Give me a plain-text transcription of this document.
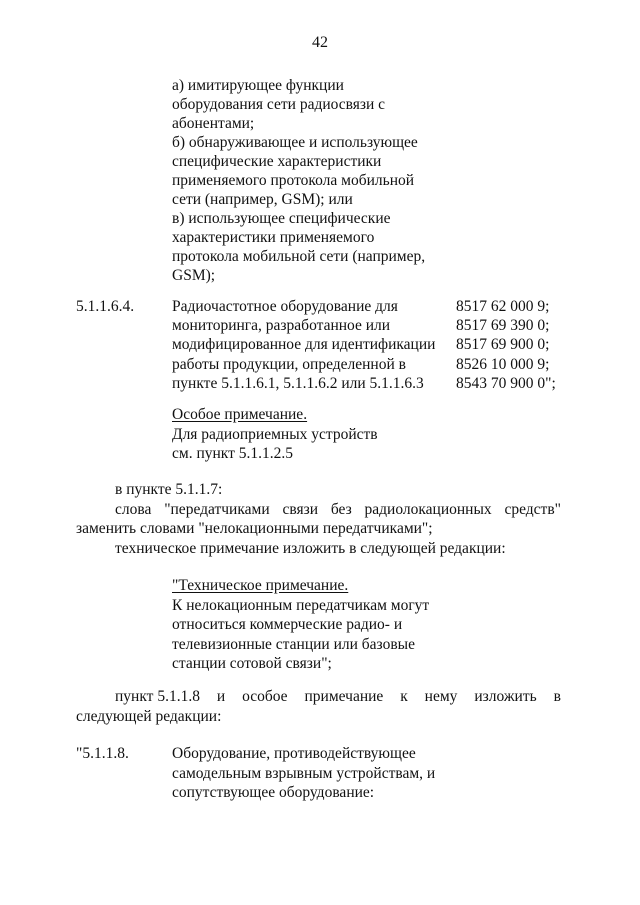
42
а) имитирующее функции
оборудования сети радиосвязи с
абонентами;
б) обнаруживающее и использующее
специфические характеристики
применяемого протокола мобильной
сети (например, GSM); или
в) использующее специфические
характеристики применяемого
протокола мобильной сети (например,
GSM);
5.1.1.6.4. Радиочастотное оборудование для
мониторинга, разработанное или
модифицированное для идентификации
работы продукции, определенной в
пункте 5.1.1.6.1, 5.1.1.6.2 или 5.1.1.6.3
8517 62 000 9;
8517 69 390 0;
8517 69 900 0;
8526 10 000 9;
8543 70 900 0";
Особое примечание.
Для радиоприемных устройств
см. пункт 5.1.1.2.5
в пункте 5.1.1.7:
слова "передатчиками связи без радиолокационных средств"
заменить словами "нелокационными передатчиками";
техническое примечание изложить в следующей редакции:
"Техническое примечание.
К нелокационным передатчикам могут
относиться коммерческие радио- и
телевизионные станции или базовые
станции сотовой связи";
пункт 5.1.1.8 и особое примечание к нему изложить в
следующей редакции:
"5.1.1.8.	Оборудование, противодействующее
самодельным взрывным устройствам, и
сопутствующее оборудование:
